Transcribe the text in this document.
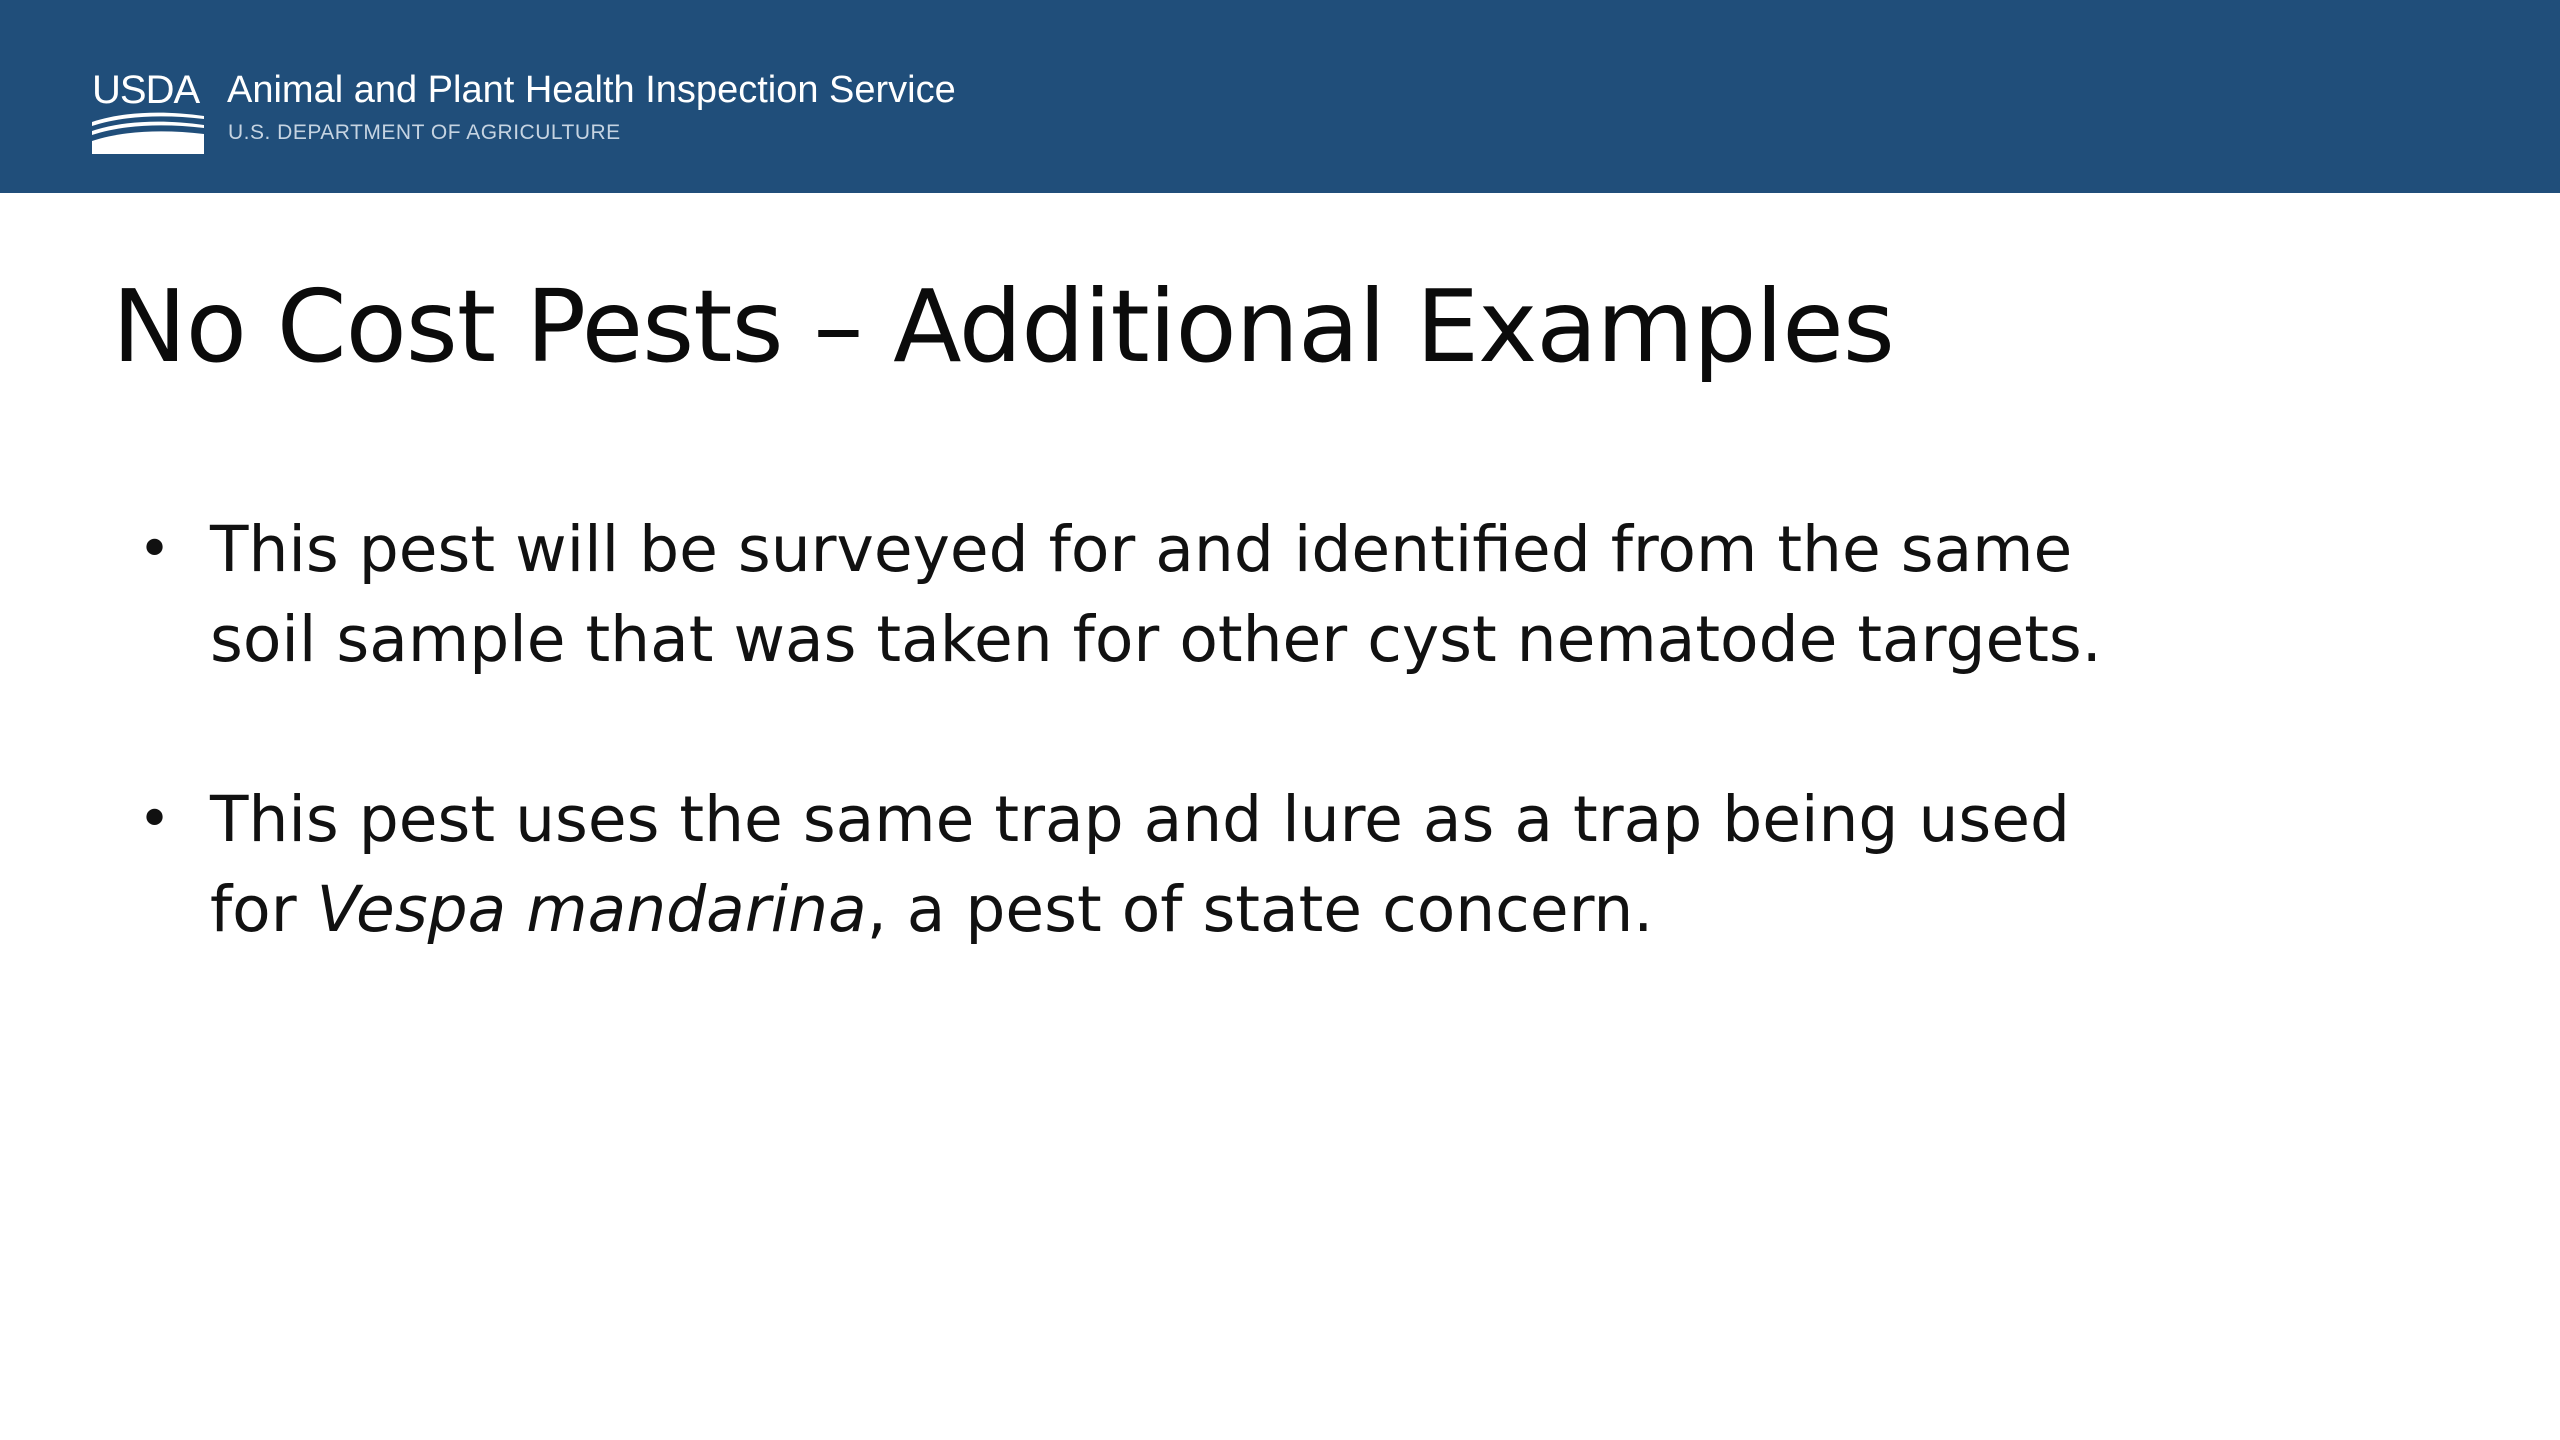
USDA Animal and Plant Health Inspection Service
U.S. DEPARTMENT OF AGRICULTURE
No Cost Pests – Additional Examples
• This pest will be surveyed for and identified from the same
soil sample that was taken for other cyst nematode targets.
• This pest uses the same trap and lure as a trap being used
for Vespa mandarina, a pest of state concern.
